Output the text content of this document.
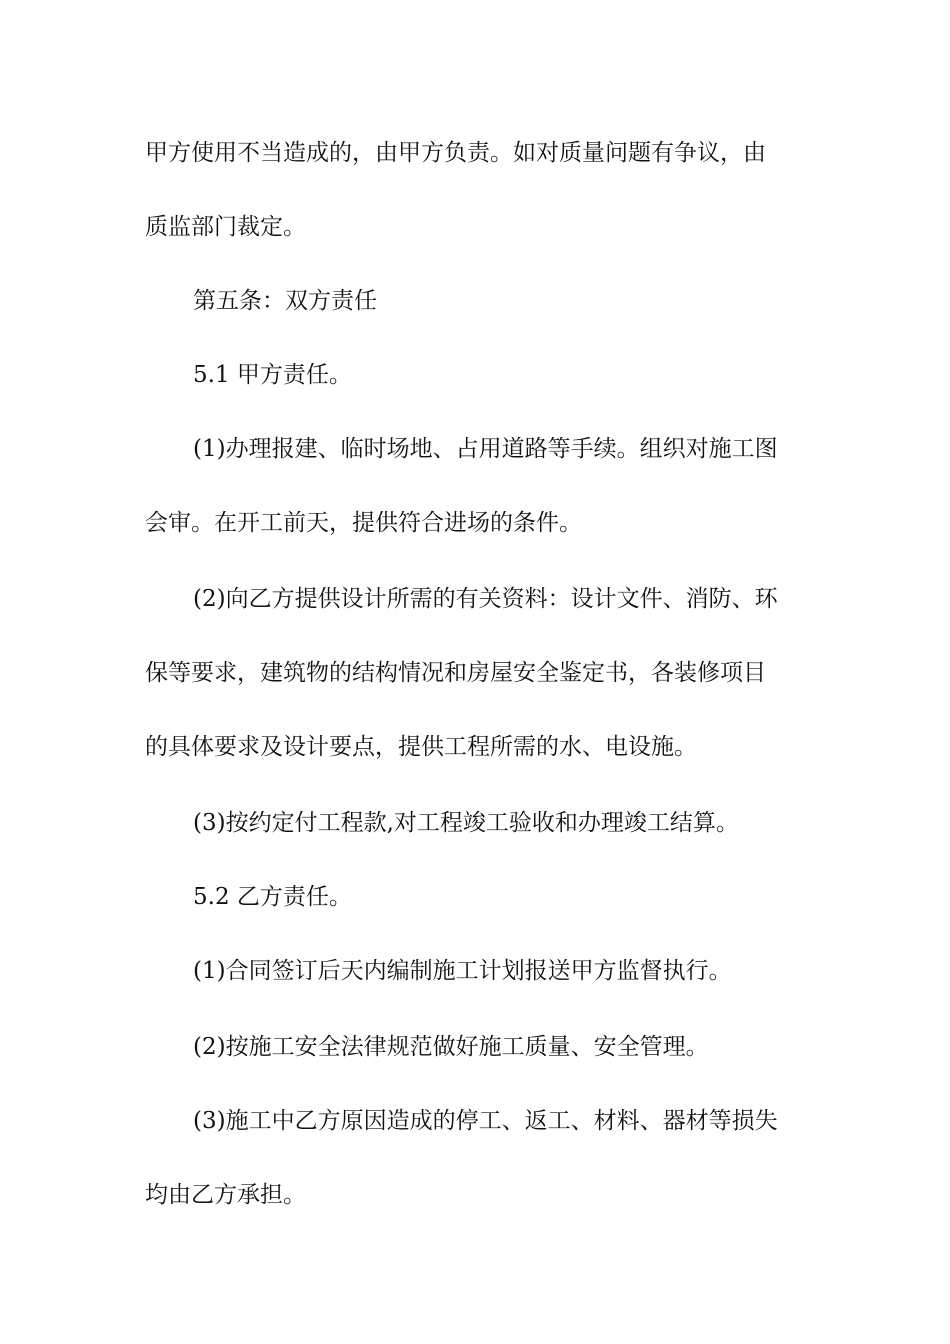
甲方使用不当造成的，由甲方负责。如对质量问题有争议，由
质监部门裁定。
第五条：双方责任
5.1 甲方责任。
(1)办理报建、临时场地、占用道路等手续。组织对施工图
会审。在开工前天，提供符合进场的条件。
(2)向乙方提供设计所需的有关资料：设计文件、消防、环
保等要求，建筑物的结构情况和房屋安全鉴定书，各装修项目
的具体要求及设计要点，提供工程所需的水、电设施。
(3)按约定付工程款,对工程竣工验收和办理竣工结算。
5.2 乙方责任。
(1)合同签订后天内编制施工计划报送甲方监督执行。
(2)按施工安全法律规范做好施工质量、安全管理。
(3)施工中乙方原因造成的停工、返工、材料、器材等损失
均由乙方承担。
